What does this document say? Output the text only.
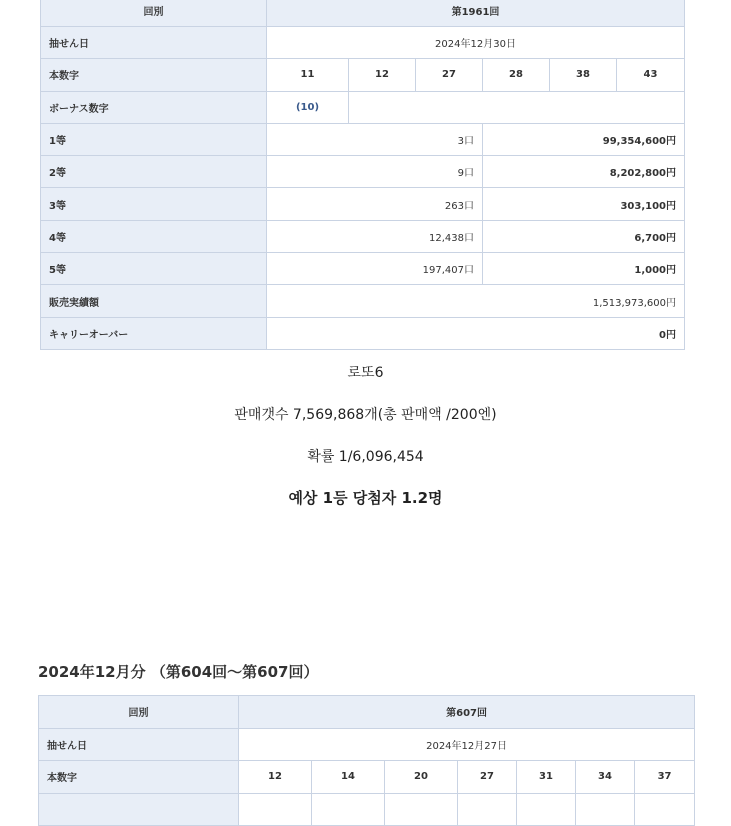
回別	第1961回					
抽せん日	2024年12月30日					
本数字	11	12	27	28	38	43
ボーナス数字	(10)					
1等	3口			99,354,600円		
2等	9口			8,202,800円		
3等	263口			303,100円		
4等	12,438口			6,700円		
5等	197,407口			1,000円		
販売実績額	1,513,973,600円					
キャリーオーバー	0円					
로또6
판매갯수 7,569,868개(총 판매액 /200엔)
확률 1/6,096,454
예상 1등 당첨자 1.2명
2024年12月分 （第604回～第607回）
回別	第607回						
抽せん日	2024年12月27日						
本数字	12	14	20	27	31	34	37
